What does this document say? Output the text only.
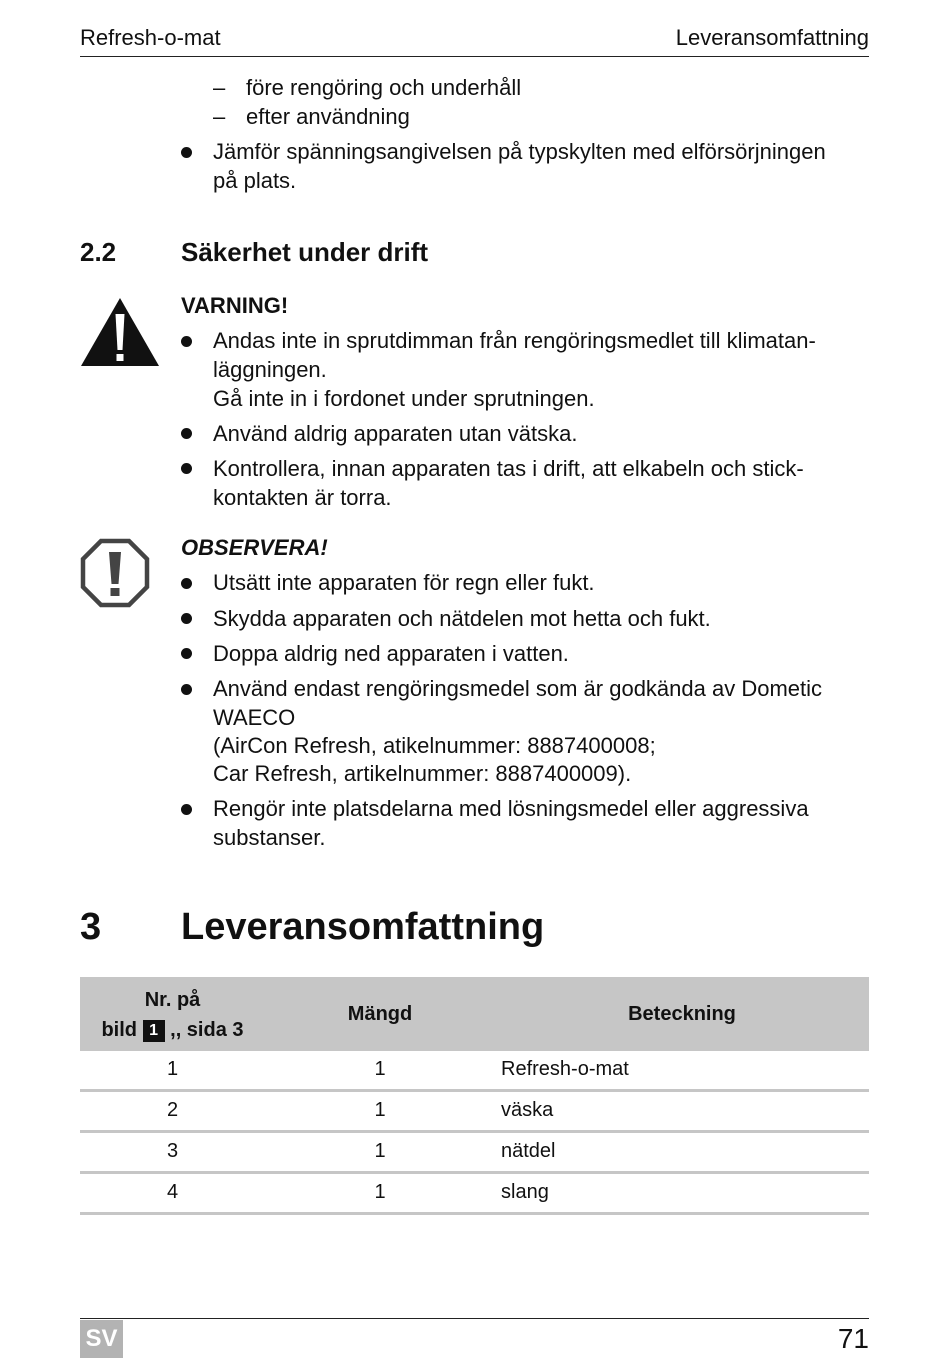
Refresh-o-mat	Leveransomfattning
– före rengöring och underhåll
– efter användning
Jämför spänningsangivelsen på typskylten med elförsörjningen
på plats.
2.2 Säkerhet under drift
VARNING!
Andas inte in sprutdimman från rengöringsmedlet till klimatan-
läggningen.
Gå inte in i fordonet under sprutningen.
Använd aldrig apparaten utan vätska.
Kontrollera, innan apparaten tas i drift, att elkabeln och stick-
kontakten är torra.
OBSERVERA!
Utsätt inte apparaten för regn eller fukt.
Skydda apparaten och nätdelen mot hetta och fukt.
Doppa aldrig ned apparaten i vatten.
Använd endast rengöringsmedel som är godkända av Dometic
WAECO
(AirCon Refresh, atikelnummer: 8887400008;
Car Refresh, artikelnummer: 8887400009).
Rengör inte platsdelarna med lösningsmedel eller aggressiva
substanser.
3 Leveransomfattning
Nr. på
bild 1 ,, sida 3
Mängd	Beteckning
1	1	Refresh-o-mat
2	1	väska
3	1	nätdel
4	1	slang
SV	71
